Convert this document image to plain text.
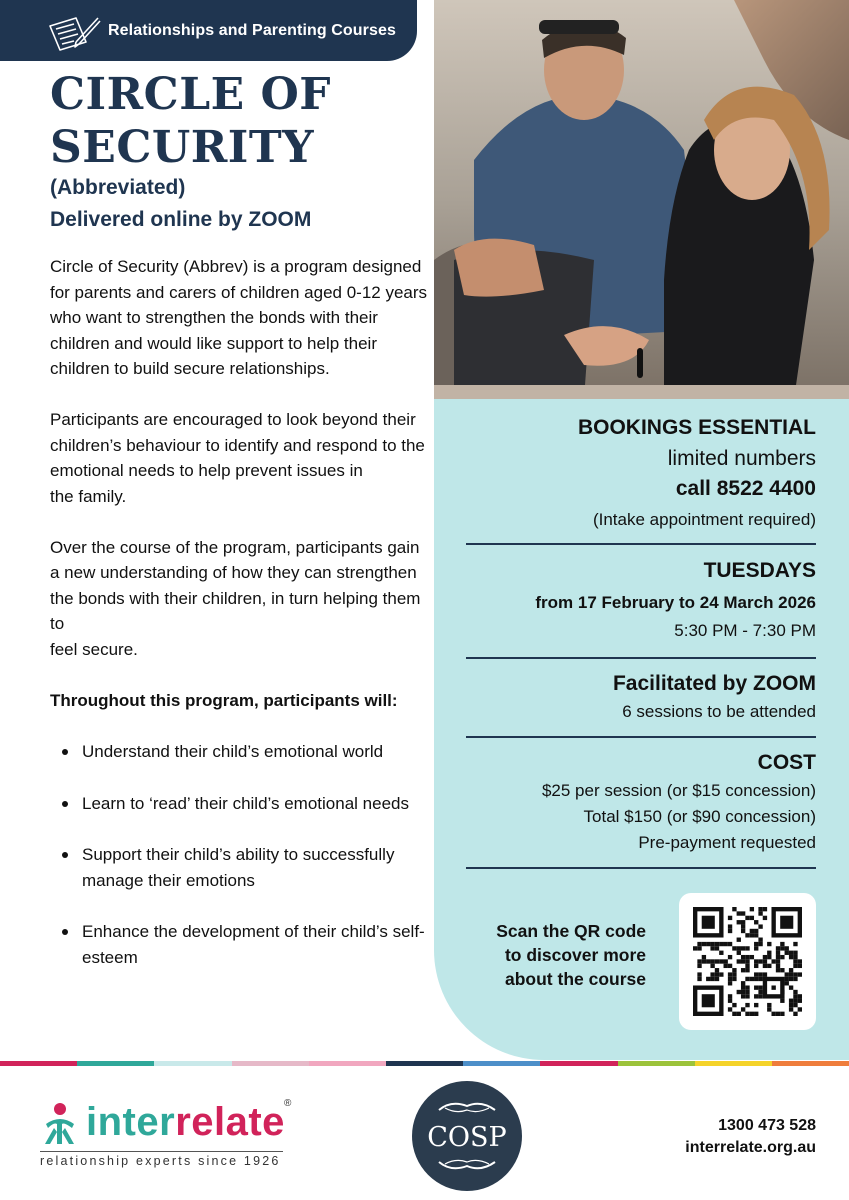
Relationships and Parenting Courses
CIRCLE OF
SECURITY
(Abbreviated)
Delivered online by ZOOM

Circle of Security (Abbrev) is a program designed for parents and carers of children aged 0-12 years who want to strengthen the bonds with their children and would like support to help their children to build secure relationships.

Participants are encouraged to look beyond their children’s behaviour to identify and respond to the emotional needs to help prevent issues in
the family.

Over the course of the program, participants gain a new understanding of how they can strengthen the bonds with their children, in turn helping them to
feel secure.

Throughout this program, participants will:

Understand their child’s emotional world
Learn to ‘read’ their child’s emotional needs
Support their child’s ability to successfully manage their emotions
Enhance the development of their child’s self-esteem
BOOKINGS ESSENTIAL
limited numbers
call 8522 4400
(Intake appointment required)
TUESDAYS
from 17 February to 24 March 2026
5:30 PM - 7:30 PM
Facilitated by ZOOM
6 sessions to be attended
COST
$25 per session (or $15 concession)
Total $150 (or $90 concession)
Pre-payment requested
Scan the QR code
to discover more
about the course
interrelate ®
relationship experts since 1926
COSP	1300 473 528
interrelate.org.au
